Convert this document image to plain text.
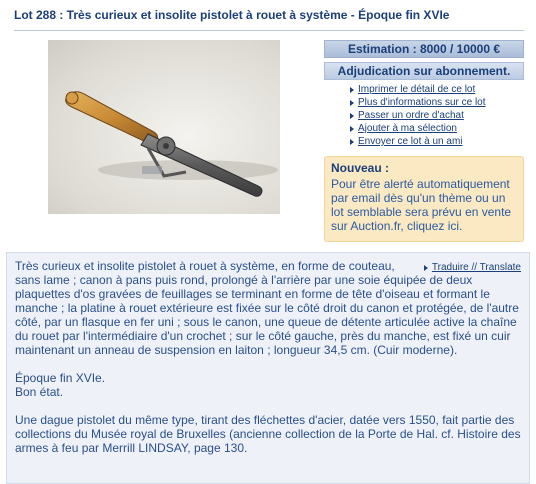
Lot 288 : Très curieux et insolite pistolet à rouet à système - Époque fin XVIe
Estimation : 8000 / 10000 €
Adjudication sur abonnement.
Imprimer le détail de ce lot
Plus d'informations sur ce lot
Passer un ordre d'achat
Ajouter à ma sélection
Envoyer ce lot à un ami
Nouveau :
Pour être alerté automatiquement par email dès qu'un thème ou un lot semblable sera prévu en vente sur Auction.fr, cliquez ici.
Traduire // Translate

Très curieux et insolite pistolet à rouet à système, en forme de couteau, sans lame ; canon à pans puis rond, prolongé à l'arrière par une soie équipée de deux plaquettes d'os gravées de feuillages se terminant en forme de tête d'oiseau et formant le manche ; la platine à rouet extérieure est fixée sur le côté droit du canon et protégée, de l'autre côté, par un flasque en fer uni ; sous le canon, une queue de détente articulée active la chaîne du rouet par l'intermédiaire d'un crochet ; sur le côté gauche, près du manche, est fixé un cuir maintenant un anneau de suspension en laiton ; longueur 34,5 cm. (Cuir moderne).

Époque fin XVIe.

Bon état.

Une dague pistolet du même type, tirant des fléchettes d'acier, datée vers 1550, fait partie des collections du Musée royal de Bruxelles (ancienne collection de la Porte de Hal. cf. Histoire des armes à feu par Merrill LINDSAY, page 130.
